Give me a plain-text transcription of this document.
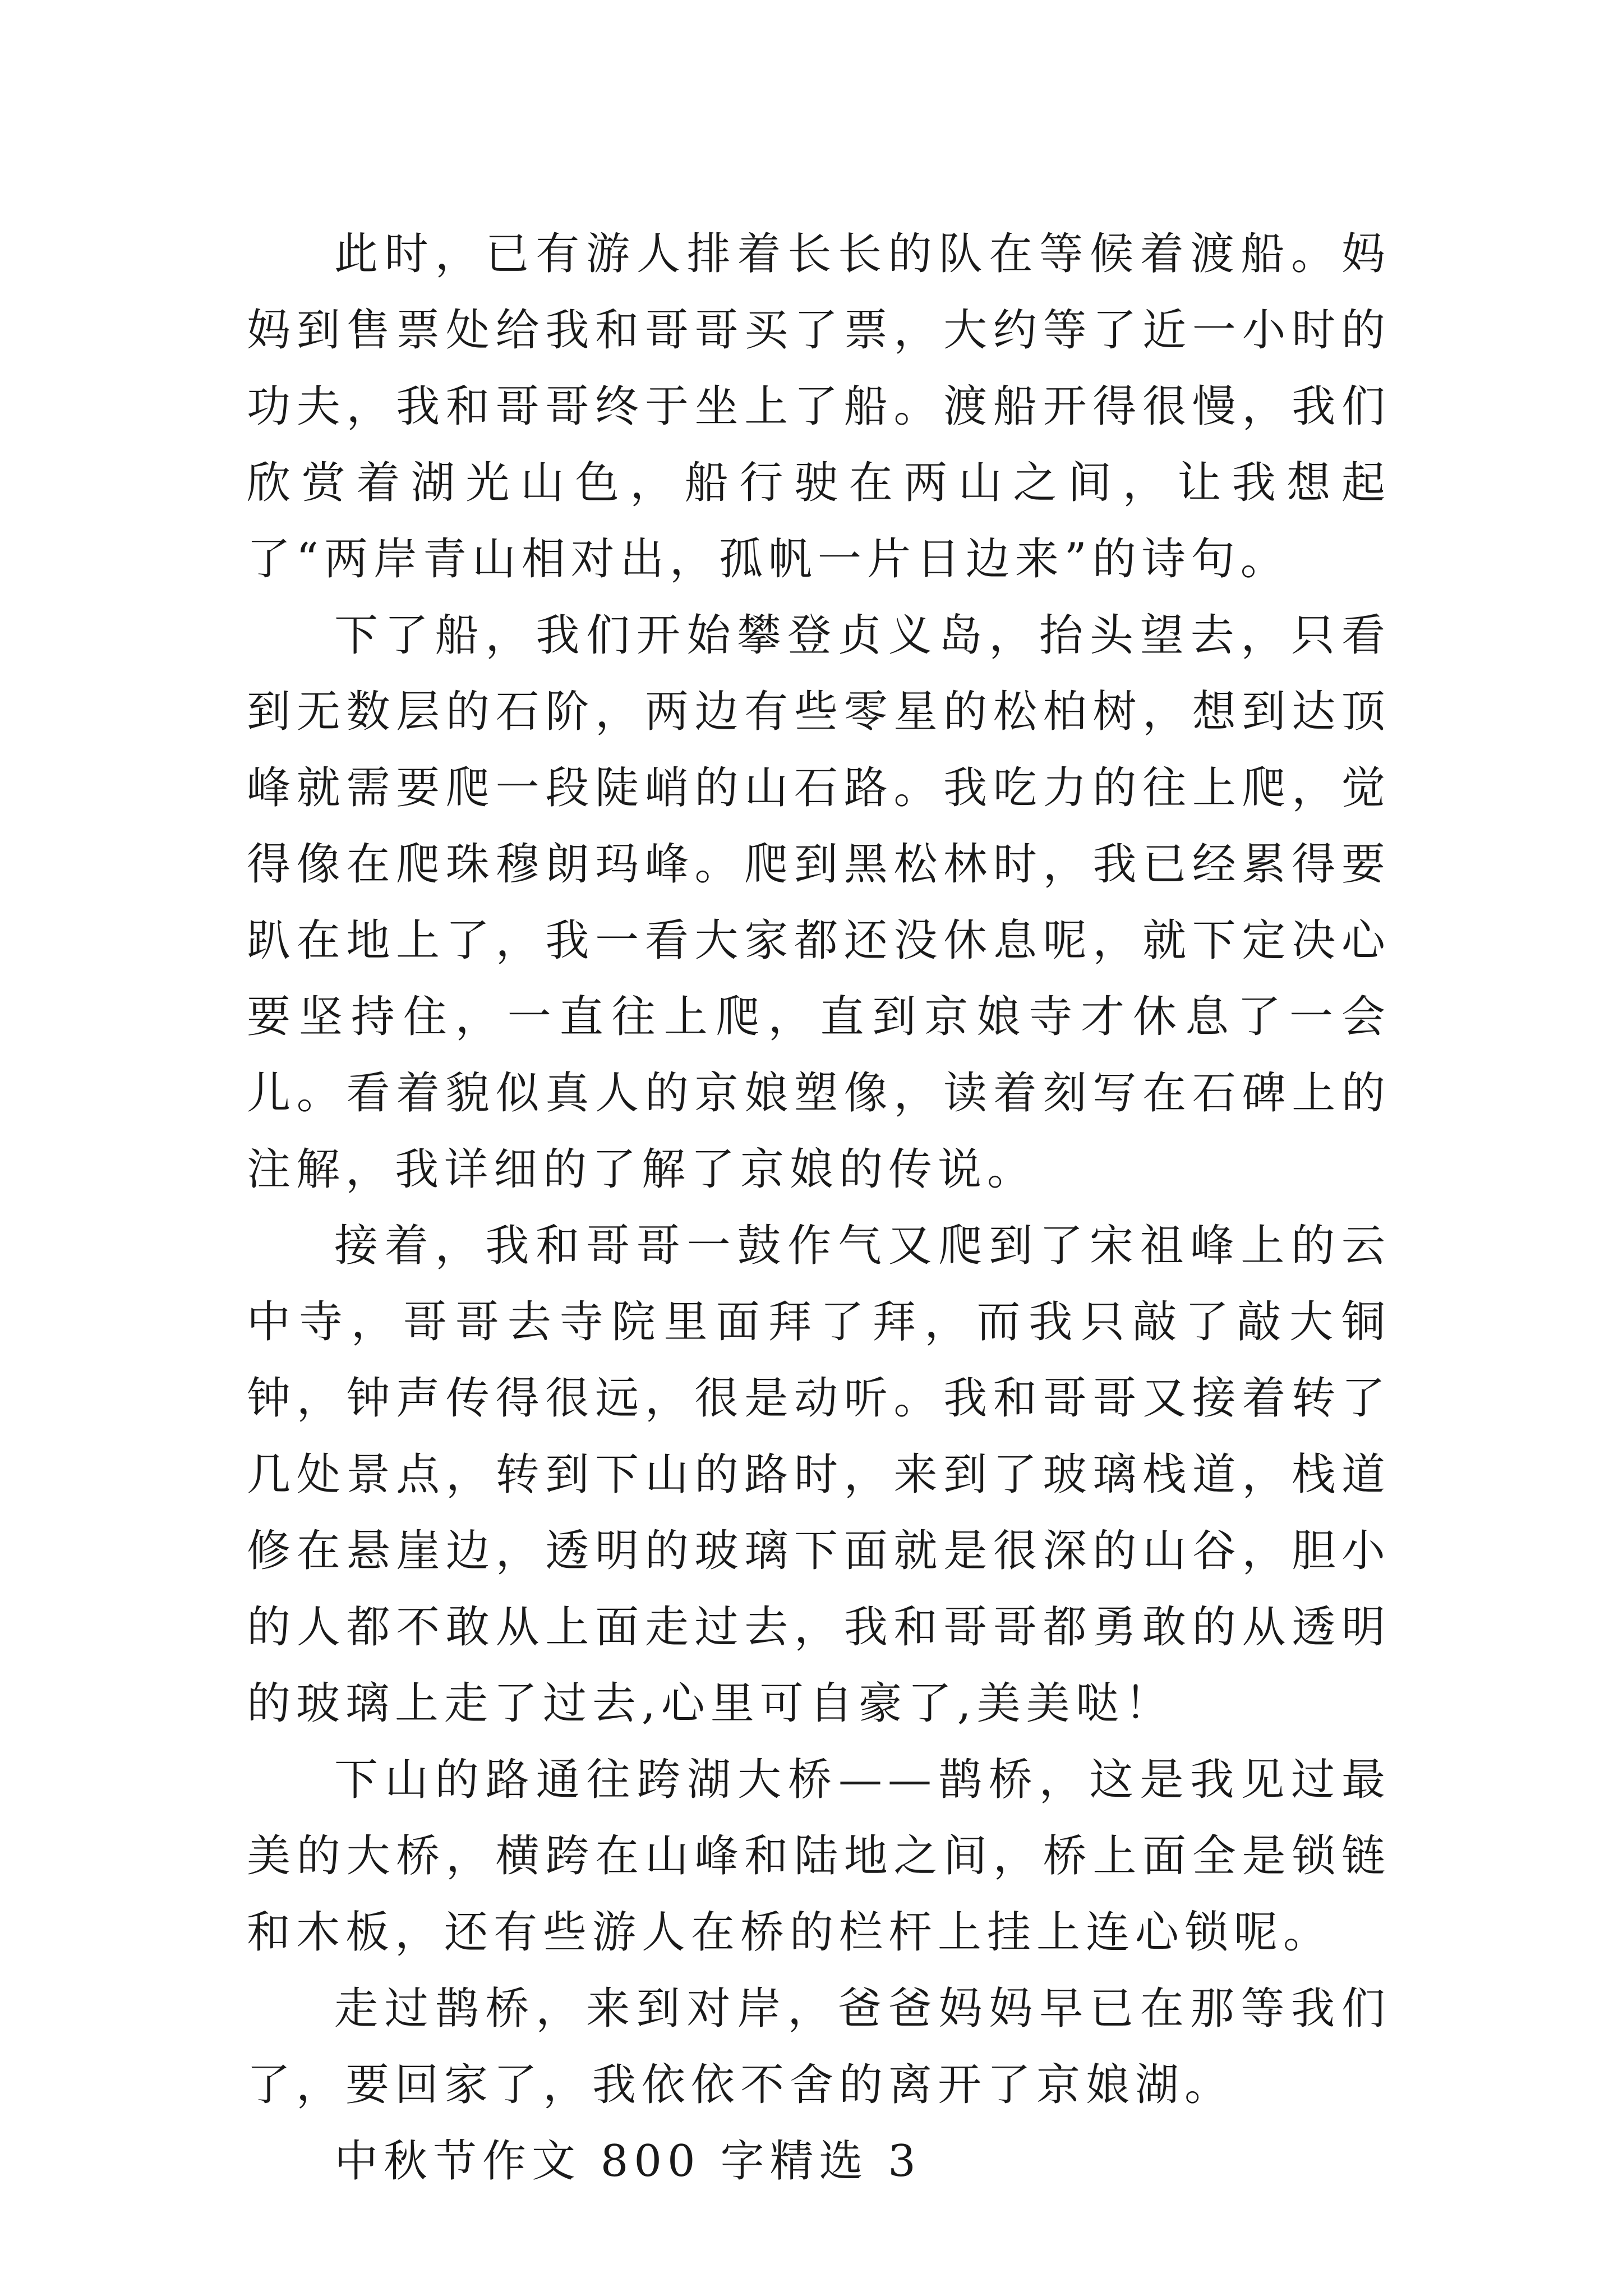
此时，已有游人排着长长的队在等候着渡船。妈妈到售票处给我和哥哥买了票，大约等了近一小时的功夫，我和哥哥终于坐上了船。渡船开得很慢，我们欣赏着湖光山色，船行驶在两山之间，让我想起了“两岸青山相对出，孤帆一片日边来”的诗句。

下了船，我们开始攀登贞义岛，抬头望去，只看到无数层的石阶，两边有些零星的松柏树，想到达顶峰就需要爬一段陡峭的山石路。我吃力的往上爬，觉得像在爬珠穆朗玛峰。爬到黑松林时，我已经累得要趴在地上了，我一看大家都还没休息呢，就下定决心要坚持住，一直往上爬，直到京娘寺才休息了一会儿。看着貌似真人的京娘塑像，读着刻写在石碑上的注解，我详细的了解了京娘的传说。

接着，我和哥哥一鼓作气又爬到了宋祖峰上的云中寺，哥哥去寺院里面拜了拜，而我只敲了敲大铜钟，钟声传得很远，很是动听。我和哥哥又接着转了几处景点，转到下山的路时，来到了玻璃栈道，栈道修在悬崖边，透明的玻璃下面就是很深的山谷，胆小的人都不敢从上面走过去，我和哥哥都勇敢的从透明的玻璃上走了过去,心里可自豪了,美美哒！

下山的路通往跨湖大桥——鹊桥，这是我见过最美的大桥，横跨在山峰和陆地之间，桥上面全是锁链和木板，还有些游人在桥的栏杆上挂上连心锁呢。

走过鹊桥，来到对岸，爸爸妈妈早已在那等我们了，要回家了，我依依不舍的离开了京娘湖。

中秋节作文 800 字精选 3
